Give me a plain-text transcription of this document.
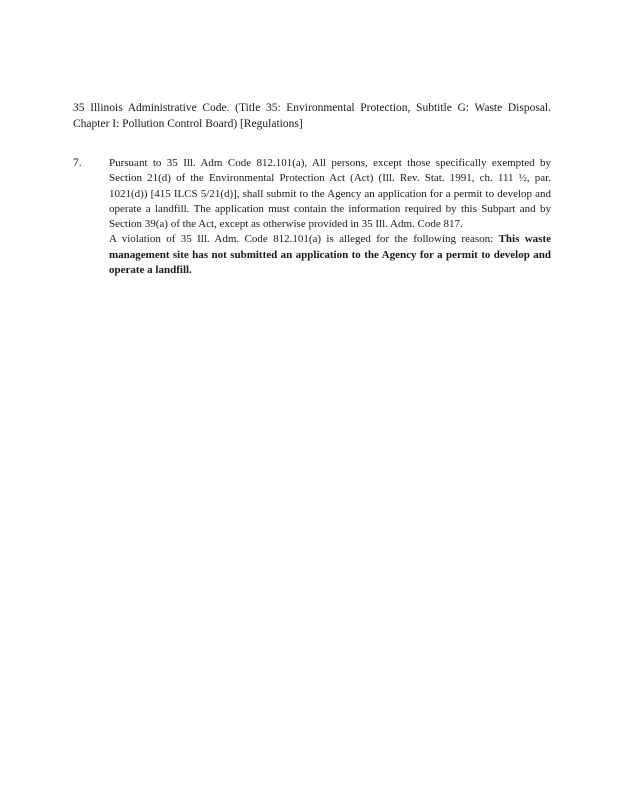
35 Illinois Administrative Code. (Title 35: Environmental Protection, Subtitle G: Waste Disposal. Chapter I: Pollution Control Board) [Regulations]

7. Pursuant to 35 Ill. Adm Code 812.101(a), All persons, except those specifically exempted by Section 21(d) of the Environmental Protection Act (Act) (Ill. Rev. Stat. 1991, ch. 111 ½, par. 1021(d)) [415 ILCS 5/21(d)], shall submit to the Agency an application for a permit to develop and operate a landfill. The application must contain the information required by this Subpart and by Section 39(a) of the Act, except as otherwise provided in 35 Ill. Adm. Code 817.

A violation of 35 Ill. Adm. Code 812.101(a) is alleged for the following reason: This waste management site has not submitted an application to the Agency for a permit to develop and operate a landfill.
